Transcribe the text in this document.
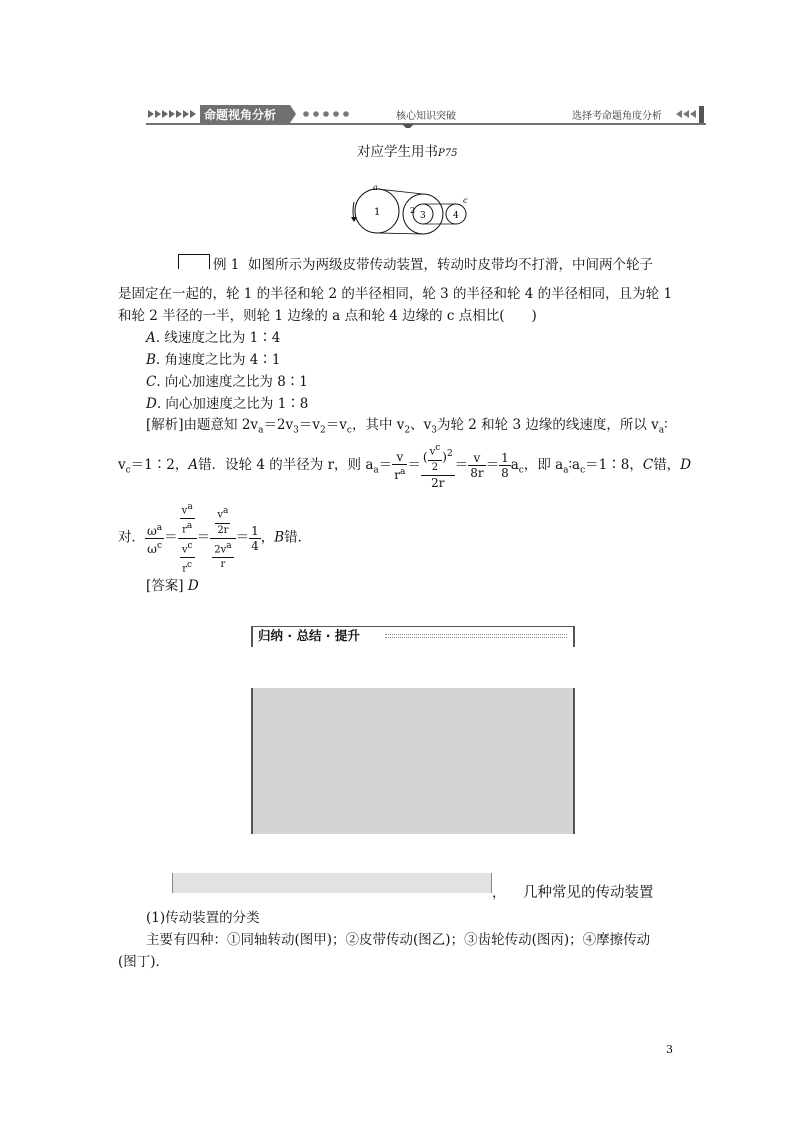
命题视角分析	核心知识突破	选择考命题角度分析
对应学生用书P75
a
1	2
3	4
c
例 1 如图所示为两级皮带传动装置，转动时皮带均不打滑，中间两个轮子
是固定在一起的，轮 1 的半径和轮 2 的半径相同，轮 3 的半径和轮 4 的半径相同，且为轮 1
和轮 2 半径的一半，则轮 1 边缘的 a 点和轮 4 边缘的 c 点相比(　　)
A. 线速度之比为 1∶4
B. 角速度之比为 4∶1
C. 向心加速度之比为 8∶1
D. 向心加速度之比为 1∶8
[解析]由题意知 $2v_a=2v_3=v_2=v_c$，其中 $v_2$、$v_3$为轮 2 和轮 3 边缘的线速度，所以 $v_a∶$
$v_c=1∶2$，A错．设轮 4 的半径为 r，则 $a_a= \frac{v}{r^a} = \frac{( \frac{v^c}{2} )^2}{2r} = \frac{v}{8r} = \frac{1}{8} a_c$，即 $a_a∶a_c=1∶8$，C错，D
对． $\frac{\omega^a}{\omega^c} = \frac{\frac{v^a}{r^a}}{\frac{v^c}{r^c}} = \frac{\frac{v^a}{2r}}{\frac{2v^a}{r}} = \frac{1}{4}$ ，B错．
[答案] D
归纳 · 总结 · 提升
， 几种常见的传动装置
(1)传动装置的分类
主要有四种：①同轴转动(图甲)；②皮带传动(图乙)；③齿轮传动(图丙)；④摩擦传动
(图丁)．
3
